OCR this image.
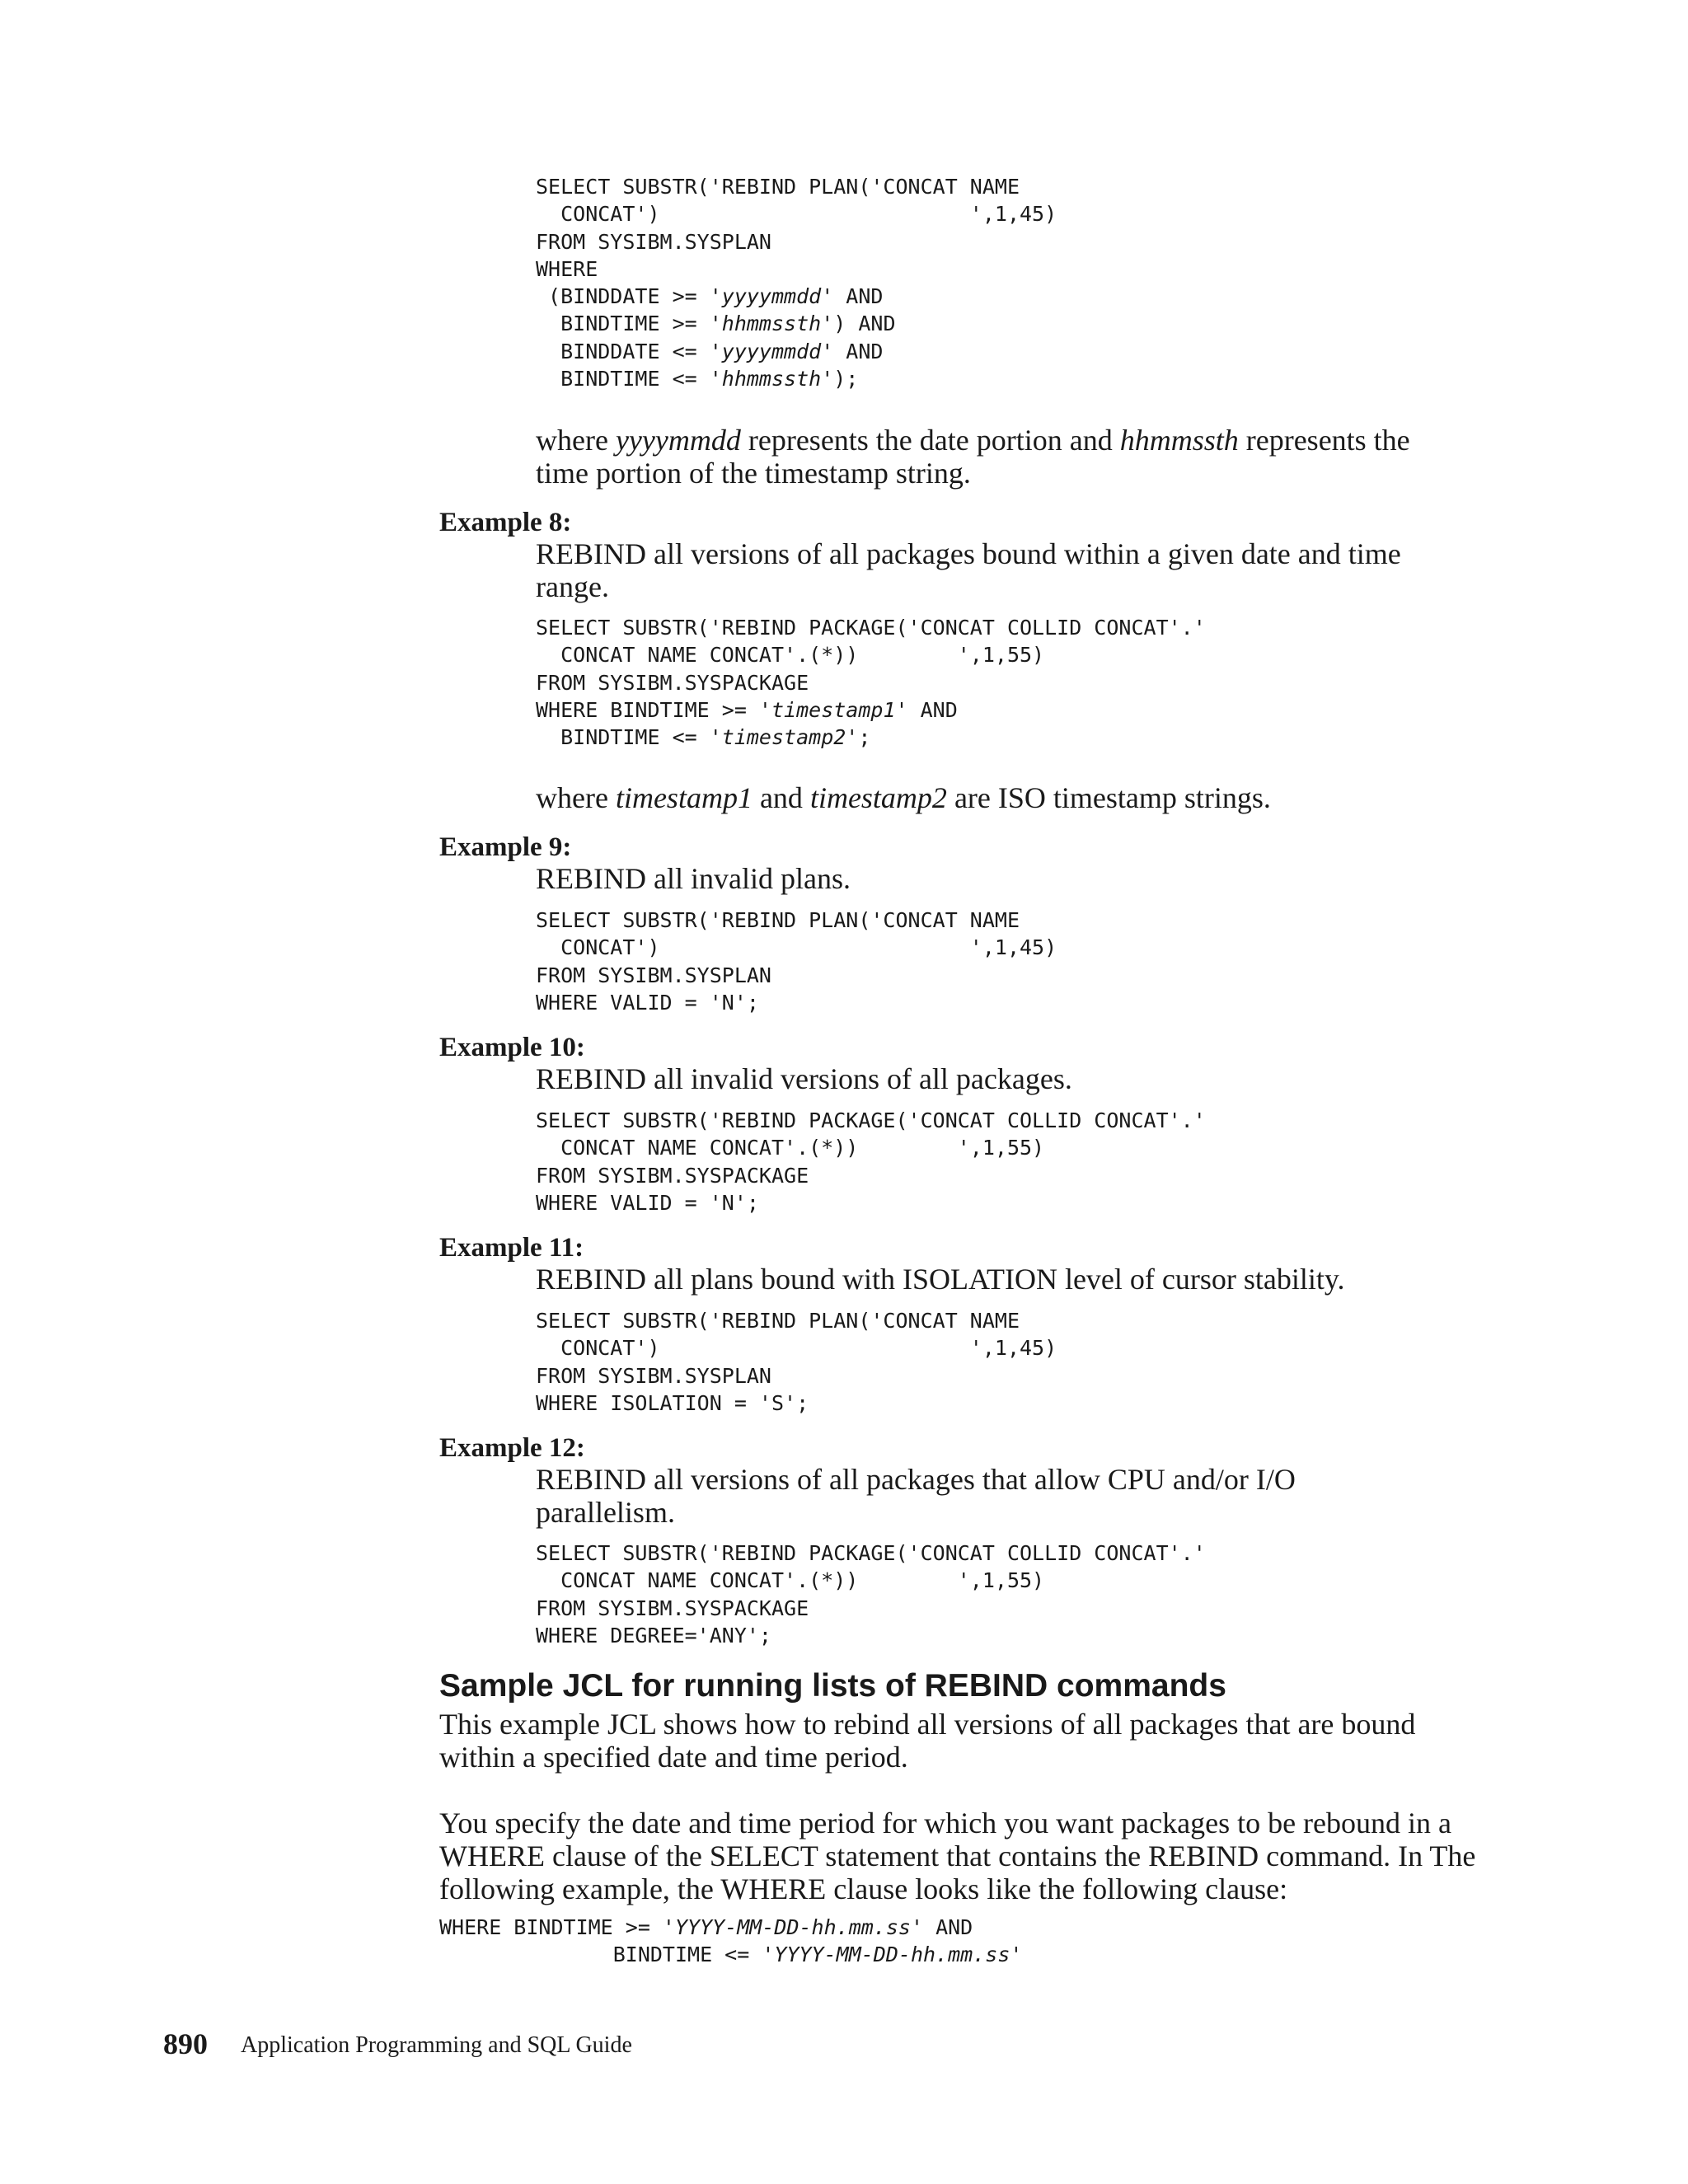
SELECT SUBSTR('REBIND PLAN('CONCAT NAME
CONCAT')                         ',1,45)
FROM SYSIBM.SYSPLAN
WHERE
(BINDDATE >= 'yyyymmdd' AND
BINDTIME >= 'hhmmssth') AND
BINDDATE <= 'yyyymmdd' AND
BINDTIME <= 'hhmmssth');

where yyyymmdd represents the date portion and hhmmssth represents the time portion of the timestamp string.

Example 8:

REBIND all versions of all packages bound within a given date and time range.

SELECT SUBSTR('REBIND PACKAGE('CONCAT COLLID CONCAT'.'
CONCAT NAME CONCAT'.(*))        ',1,55)
FROM SYSIBM.SYSPACKAGE
WHERE BINDTIME >= 'timestamp1' AND
BINDTIME <= 'timestamp2';

where timestamp1 and timestamp2 are ISO timestamp strings.

Example 9:

REBIND all invalid plans.

SELECT SUBSTR('REBIND PLAN('CONCAT NAME
CONCAT')                         ',1,45)
FROM SYSIBM.SYSPLAN
WHERE VALID = 'N';

Example 10:

REBIND all invalid versions of all packages.

SELECT SUBSTR('REBIND PACKAGE('CONCAT COLLID CONCAT'.'
CONCAT NAME CONCAT'.(*))        ',1,55)
FROM SYSIBM.SYSPACKAGE
WHERE VALID = 'N';

Example 11:

REBIND all plans bound with ISOLATION level of cursor stability.

SELECT SUBSTR('REBIND PLAN('CONCAT NAME
CONCAT')                         ',1,45)
FROM SYSIBM.SYSPLAN
WHERE ISOLATION = 'S';

Example 12:

REBIND all versions of all packages that allow CPU and/or I/O parallelism.

SELECT SUBSTR('REBIND PACKAGE('CONCAT COLLID CONCAT'.'
CONCAT NAME CONCAT'.(*))        ',1,55)
FROM SYSIBM.SYSPACKAGE
WHERE DEGREE='ANY';
Sample JCL for running lists of REBIND commands

This example JCL shows how to rebind all versions of all packages that are bound within a specified date and time period.

You specify the date and time period for which you want packages to be rebound in a WHERE clause of the SELECT statement that contains the REBIND command. In The following example, the WHERE clause looks like the following clause:

WHERE BINDTIME >= 'YYYY-MM-DD-hh.mm.ss' AND
BINDTIME <= 'YYYY-MM-DD-hh.mm.ss'
890 Application Programming and SQL Guide
